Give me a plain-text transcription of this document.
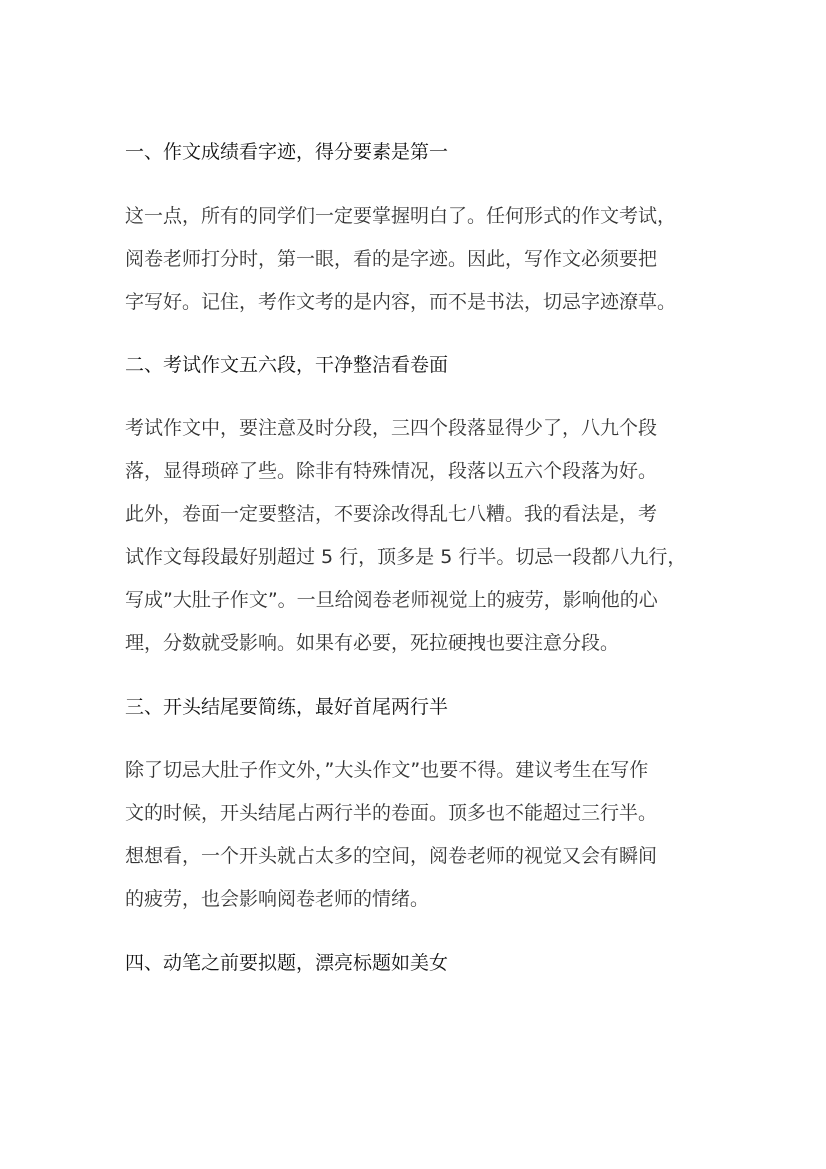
一、作文成绩看字迹，得分要素是第一

这一点，所有的同学们一定要掌握明白了。任何形式的作文考试，

阅卷老师打分时，第一眼，看的是字迹。因此，写作文必须要把

字写好。记住，考作文考的是内容，而不是书法，切忌字迹潦草。

二、考试作文五六段，干净整洁看卷面

考试作文中，要注意及时分段，三四个段落显得少了，八九个段

落，显得琐碎了些。除非有特殊情况，段落以五六个段落为好。

此外，卷面一定要整洁，不要涂改得乱七八糟。我的看法是，考

试作文每段最好别超过 5 行，顶多是 5 行半。切忌一段都八九行，

写成”大肚子作文”。一旦给阅卷老师视觉上的疲劳，影响他的心

理，分数就受影响。如果有必要，死拉硬拽也要注意分段。

三、开头结尾要简练，最好首尾两行半

除了切忌大肚子作文外，”大头作文”也要不得。建议考生在写作

文的时候，开头结尾占两行半的卷面。顶多也不能超过三行半。

想想看，一个开头就占太多的空间，阅卷老师的视觉又会有瞬间

的疲劳，也会影响阅卷老师的情绪。

四、动笔之前要拟题，漂亮标题如美女
